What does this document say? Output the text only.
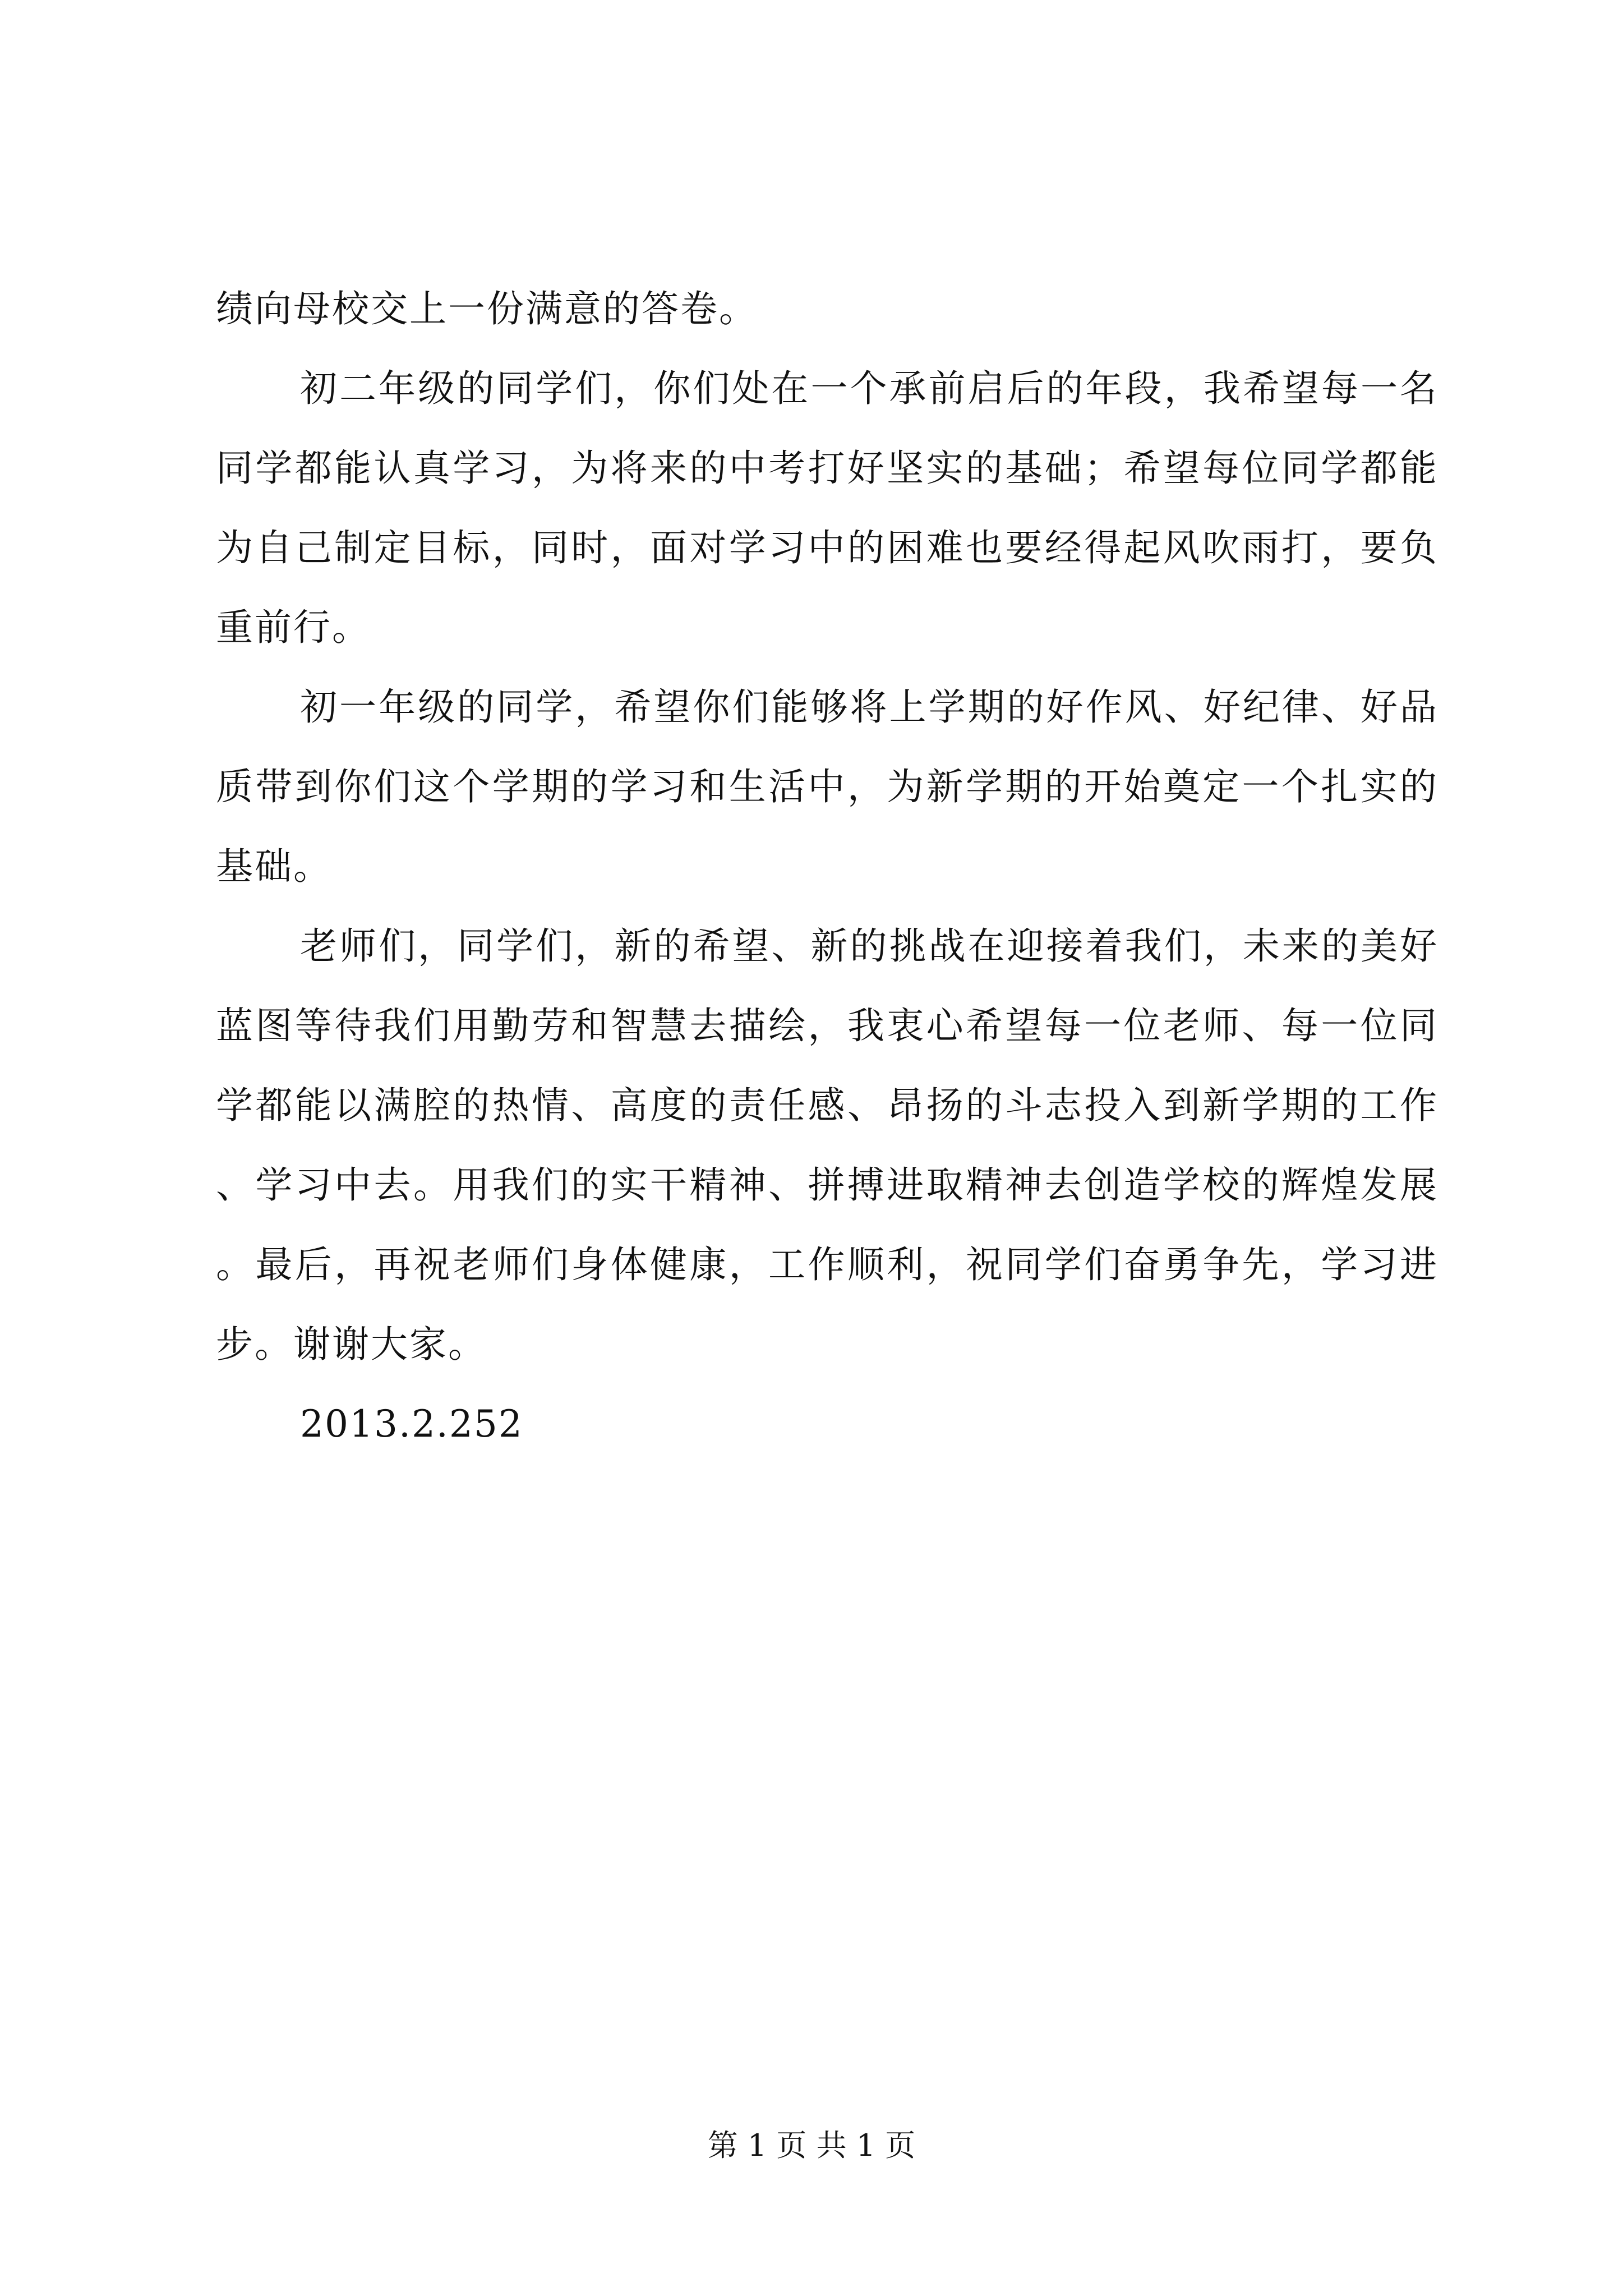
绩向母校交上一份满意的答卷。

初二年级的同学们，你们处在一个承前启后的年段，我希望每一名同学都能认真学习，为将来的中考打好坚实的基础；希望每位同学都能为自己制定目标，同时，面对学习中的困难也要经得起风吹雨打，要负重前行。

初一年级的同学，希望你们能够将上学期的好作风、好纪律、好品质带到你们这个学期的学习和生活中，为新学期的开始奠定一个扎实的基础。

老师们，同学们，新的希望、新的挑战在迎接着我们，未来的美好蓝图等待我们用勤劳和智慧去描绘，我衷心希望每一位老师、每一位同学都能以满腔的热情、高度的责任感、昂扬的斗志投入到新学期的工作、学习中去。用我们的实干精神、拼搏进取精神去创造学校的辉煌发展。最后，再祝老师们身体健康，工作顺利，祝同学们奋勇争先，学习进步。谢谢大家。

2013.2.252

第 1 页 共 1 页
